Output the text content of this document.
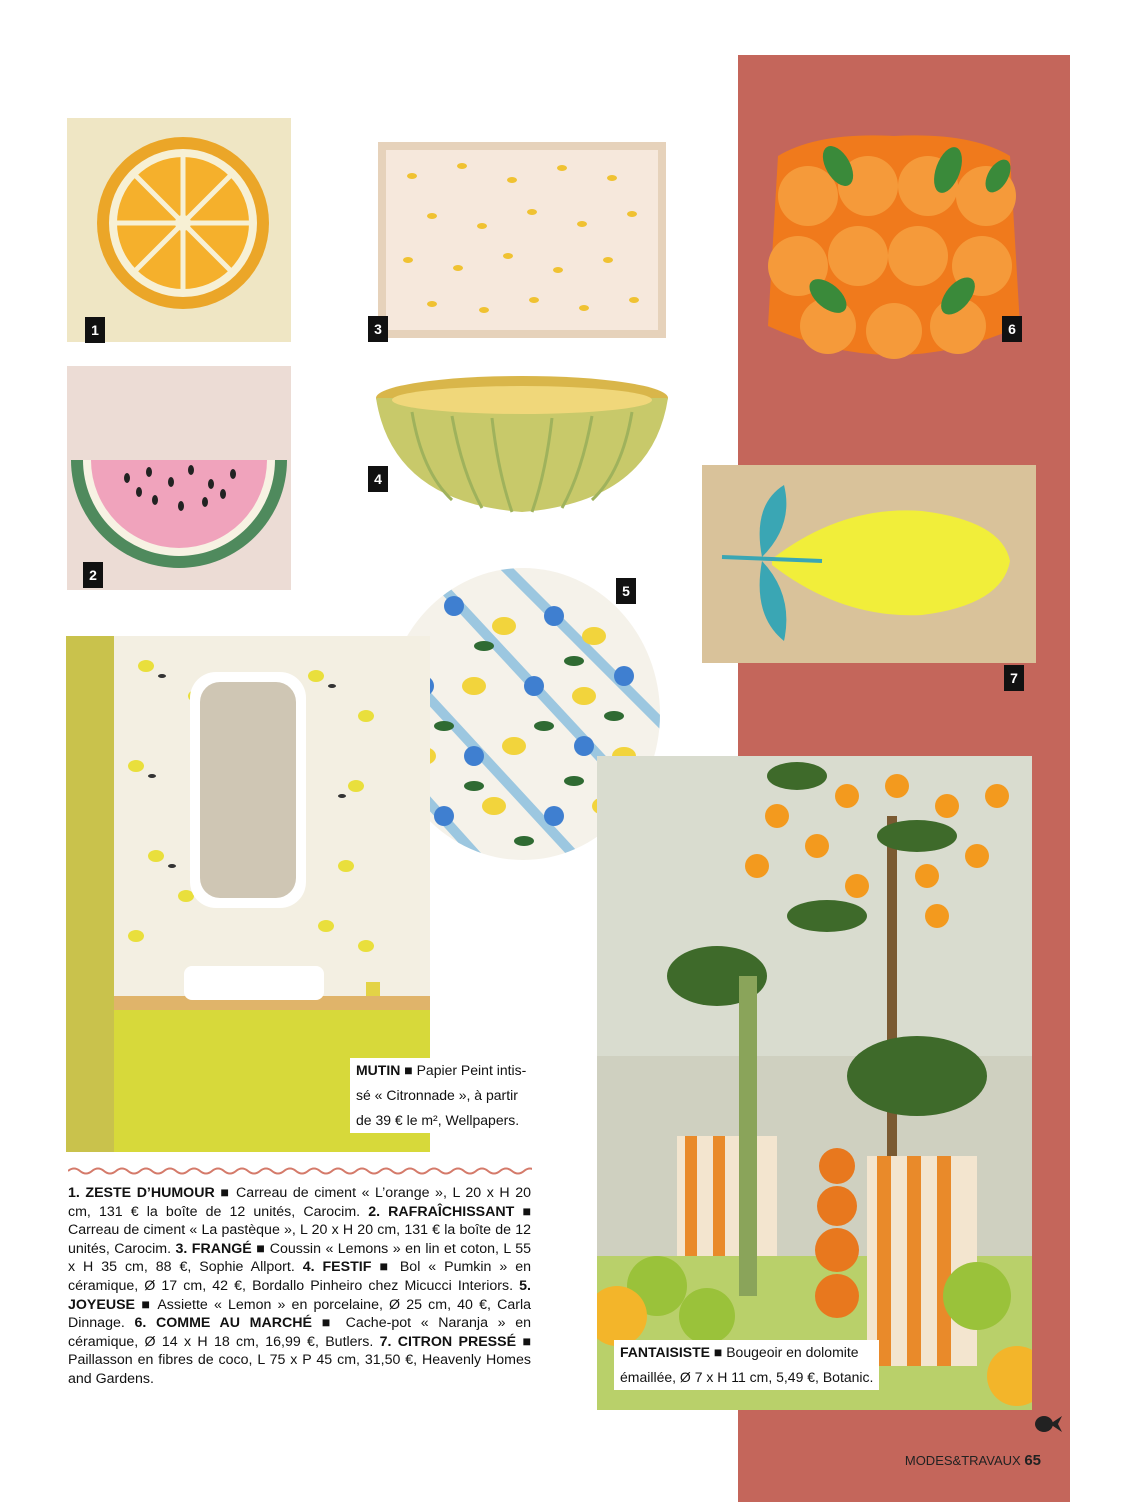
1
2
3
4
5
6
7
MUTIN ■ Papier Peint intis-
sé « Citronnade », à partir
de 39 € le m², Wellpapers.
1. ZESTE D’HUMOUR ■ Carreau de ciment « L’orange », L 20 x H 20 cm, 131 € la boîte de 12 unités, Carocim. 2. RAFRAÎCHISSANT ■ Carreau de ciment « La pastèque », L 20 x H 20 cm, 131 € la boîte de 12 unités, Carocim. 3. FRANGÉ ■ Coussin « Lemons » en lin et coton, L 55 x H 35 cm, 88 €, Sophie Allport. 4. FESTIF ■ Bol « Pumkin » en céramique, Ø 17 cm, 42 €, Bordallo Pinheiro chez Micucci Interiors. 5. JOYEUSE ■ Assiette « Lemon » en porcelaine, Ø 25 cm, 40 €, Carla Dinnage. 6. COMME AU MARCHÉ ■ Cache-pot « Naranja » en céramique, Ø 14 x H 18 cm, 16,99 €, Butlers. 7. CITRON PRESSÉ ■ Paillasson en fibres de coco, L 75 x P 45 cm, 31,50 €, Heavenly Homes and Gardens.
FANTAISISTE ■ Bougeoir en dolomite
émaillée, Ø 7 x H 11 cm, 5,49 €, Botanic.
MODES&TRAVAUX 65
